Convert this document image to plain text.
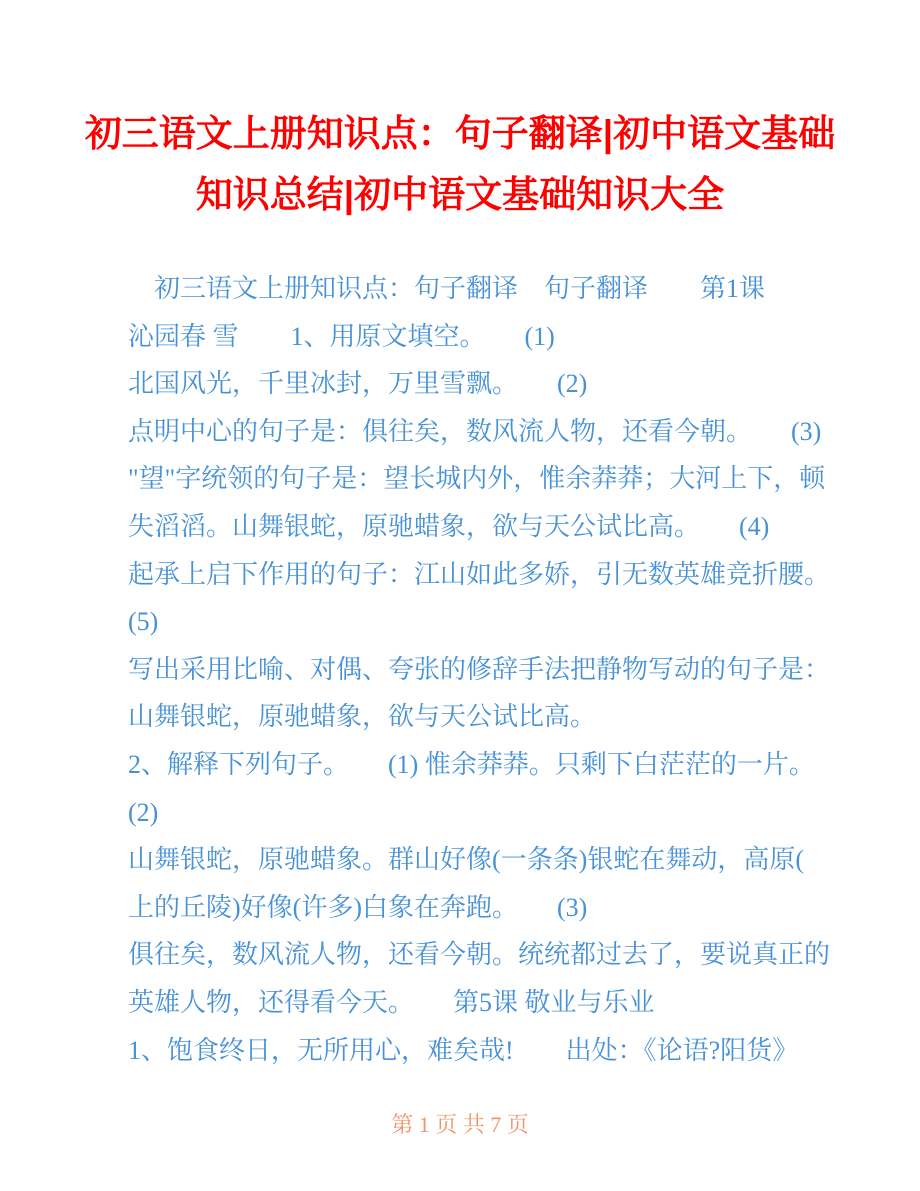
初三语文上册知识点：句子翻译|初中语文基础
知识总结|初中语文基础知识大全

　初三语文上册知识点：句子翻译　句子翻译　　第1课

沁园春 雪　　1、用原文填空。　　(1)

北国风光，千里冰封，万里雪飘。　　(2)

点明中心的句子是：俱往矣，数风流人物，还看今朝。　　(3)

"望"字统领的句子是：望长城内外，惟余莽莽；大河上下，顿

失滔滔。山舞银蛇，原驰蜡象，欲与天公试比高。　　(4)

起承上启下作用的句子：江山如此多娇，引无数英雄竞折腰。

(5)

写出采用比喻、对偶、夸张的修辞手法把静物写动的句子是：

山舞银蛇，原驰蜡象，欲与天公试比高。

2、解释下列句子。　　(1) 惟余莽莽。只剩下白茫茫的一片。

(2)

山舞银蛇，原驰蜡象。群山好像(一条条)银蛇在舞动，高原(

上的丘陵)好像(许多)白象在奔跑。　　(3)

俱往矣，数风流人物，还看今朝。统统都过去了，要说真正的

英雄人物，还得看今天。　　第5课 敬业与乐业

1、饱食终日，无所用心，难矣哉!　　出处：《论语?阳货》

第 1 页 共 7 页
